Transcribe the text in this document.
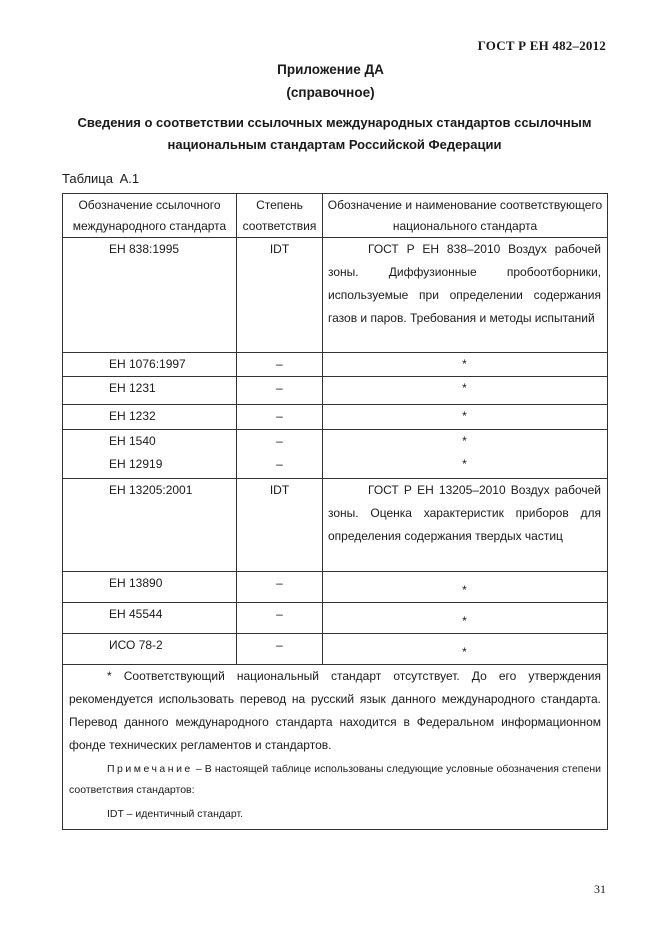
ГОСТ Р ЕН 482–2012
Приложение ДА
(справочное)
Сведения о соответствии ссылочных международных стандартов ссылочным национальным стандартам Российской Федерации
Таблица А.1
Обозначение ссылочного международного стандарта	Степень соответствия	Обозначение и наименование соответствующего национального стандарта
ЕН 838:1995	IDT	ГОСТ Р ЕН 838–2010 Воздух рабочей зоны. Диффузионные пробоотборники, используемые при определении содержания газов и паров. Требования и методы испытаний
ЕН 1076:1997	–	*
ЕН 1231	–	*
ЕН 1232	–	*
ЕН 1540	–	*
ЕН 12919	–	*
ЕН 13205:2001	IDT	ГОСТ Р ЕН 13205–2010 Воздух рабочей зоны. Оценка характеристик приборов для определения содержания твердых частиц
ЕН 13890	–	*
ЕН 45544	–	*
ИСО 78-2	–	*

* Соответствующий национальный стандарт отсутствует. До его утверждения рекомендуется использовать перевод на русский язык данного международного стандарта. Перевод данного международного стандарта находится в Федеральном информационном фонде технических регламентов и стандартов.

Примечание – В настоящей таблице использованы следующие условные обозначения степени соответствия стандартов:

IDT – идентичный стандарт.		

31
